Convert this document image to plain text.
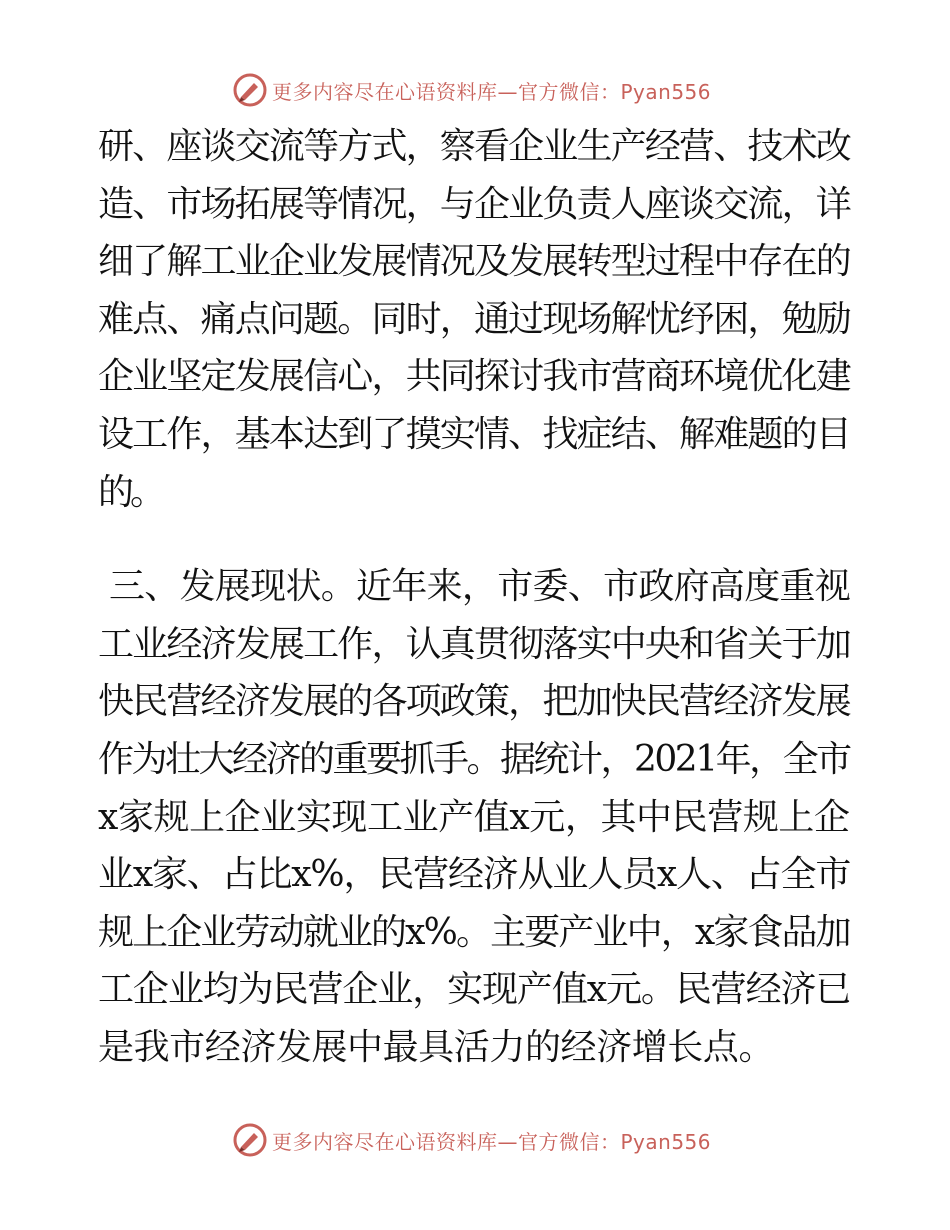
更多内容尽在心语资料库—官方微信：Pyan556
研、座谈交流等方式，察看企业生产经营、技术改
造、市场拓展等情况，与企业负责人座谈交流，详
细了解工业企业发展情况及发展转型过程中存在的
难点、痛点问题。同时，通过现场解忧纾困，勉励
企业坚定发展信心，共同探讨我市营商环境优化建
设工作，基本达到了摸实情、找症结、解难题的目
的。
三、发展现状。近年来，市委、市政府高度重视
工业经济发展工作，认真贯彻落实中央和省关于加
快民营经济发展的各项政策，把加快民营经济发展
作为壮大经济的重要抓手。据统计，2021年，全市
x家规上企业实现工业产值x元，其中民营规上企
业x家、占比x%，民营经济从业人员x人、占全市
规上企业劳动就业的x%。主要产业中，x家食品加
工企业均为民营企业，实现产值x元。民营经济已
是我市经济发展中最具活力的经济增长点。
更多内容尽在心语资料库—官方微信：Pyan556
